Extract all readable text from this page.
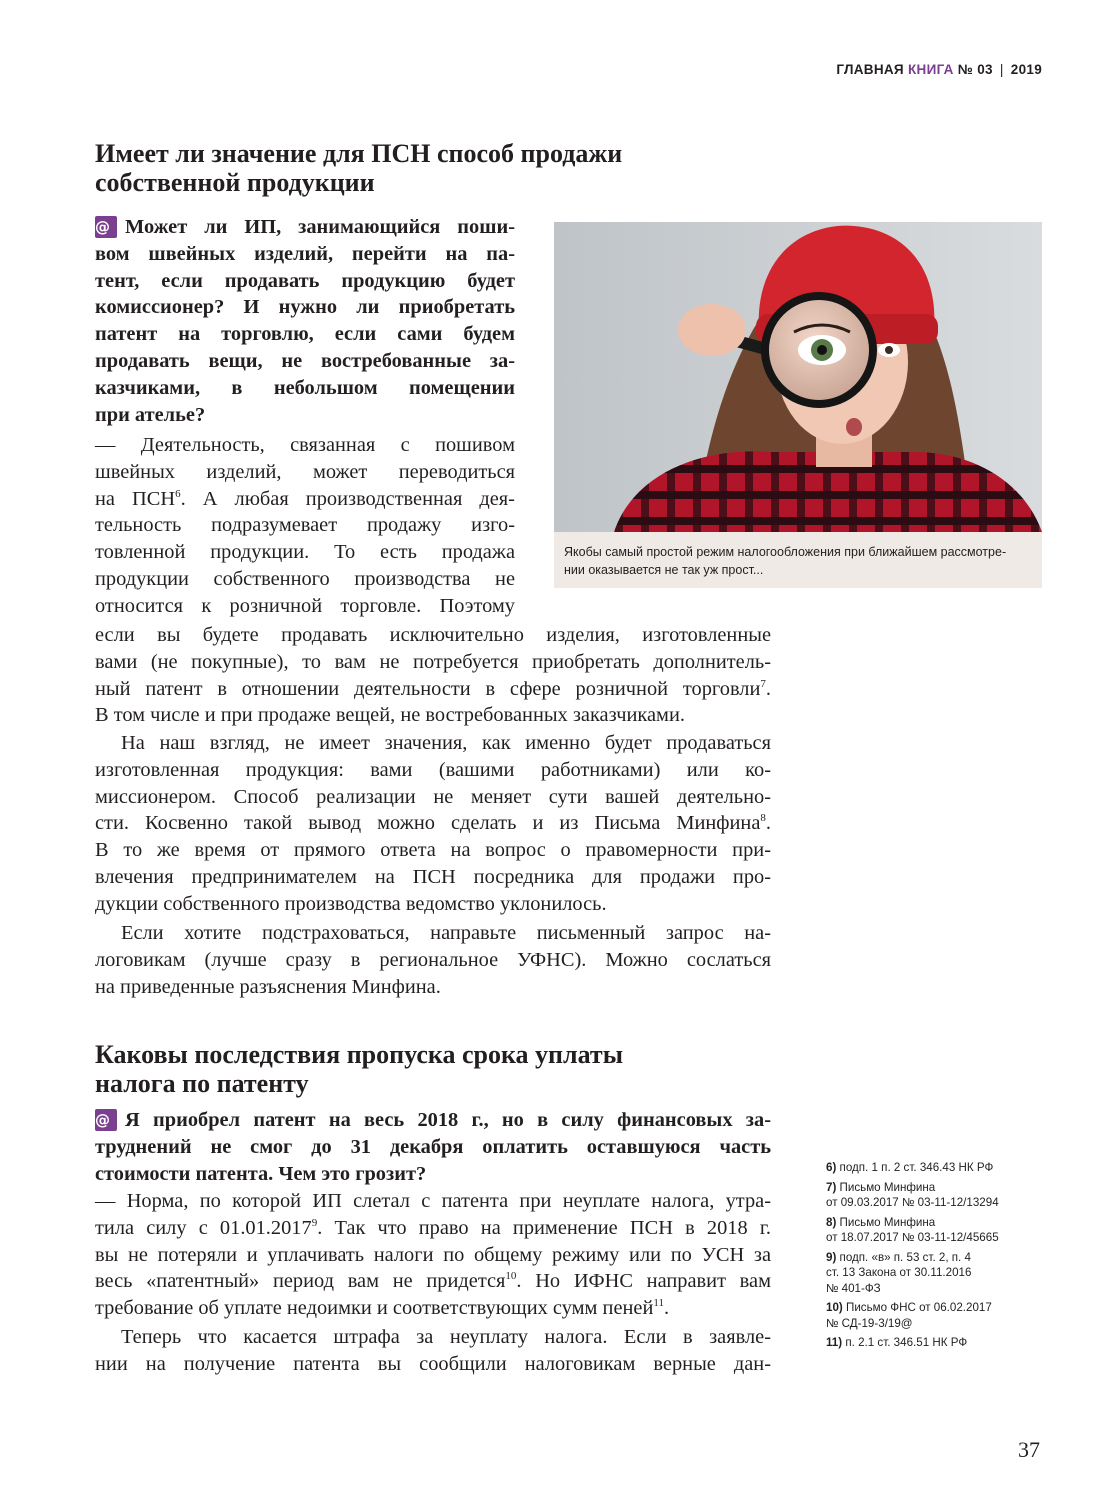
ГЛАВНАЯ КНИГА № 03 | 2019
Имеет ли значение для ПСН способ продажи
собственной продукции
@ Может ли ИП, занимающийся поши-
вом швейных изделий, перейти на па-
тент, если продавать продукцию будет
комиссионер? И нужно ли приобретать
патент на торговлю, если сами будем
продавать вещи, не востребованные за-
казчиками, в небольшом помещении
при ателье?
— Деятельность, связанная с пошивом
швейных изделий, может переводиться
на ПСН$^6$. А любая производственная дея-
тельность подразумевает продажу изго-
товленной продукции. То есть продажа
продукции собственного производства не
относится к розничной торговле. Поэтому
если вы будете продавать исключительно изделия, изготовленные
вами (не покупные), то вам не потребуется приобретать дополнитель-
ный патент в отношении деятельности в сфере розничной торговли$^7$.
В том числе и при продаже вещей, не востребованных заказчиками.
На наш взгляд, не имеет значения, как именно будет продаваться
изготовленная продукция: вами (вашими работниками) или ко-
миссионером. Способ реализации не меняет сути вашей деятельно-
сти. Косвенно такой вывод можно сделать и из Письма Минфина$^8$.
В то же время от прямого ответа на вопрос о правомерности при-
влечения предпринимателем на ПСН посредника для продажи про-
дукции собственного производства ведомство уклонилось.
Если хотите подстраховаться, направьте письменный запрос на-
логовикам (лучше сразу в региональное УФНС). Можно сослаться
на приведенные разъяснения Минфина.
Якобы самый простой режим налогообложения при ближайшем рассмотре-
нии оказывается не так уж прост...
Каковы последствия пропуска срока уплаты
налога по патенту
@ Я приобрел патент на весь 2018 г., но в силу финансовых за-
труднений не смог до 31 декабря оплатить оставшуюся часть
стоимости патента. Чем это грозит?
— Норма, по которой ИП слетал с патента при неуплате налога, утра-
тила силу с 01.01.2017$^9$. Так что право на применение ПСН в 2018 г.
вы не потеряли и уплачивать налоги по общему режиму или по УСН за
весь «патентный» период вам не придется$^{10}$. Но ИФНС направит вам
требование об уплате недоимки и соответствующих сумм пеней$^{11}$.
Теперь что касается штрафа за неуплату налога. Если в заявле-
нии на получение патента вы сообщили налоговикам верные дан-
6) подп. 1 п. 2 ст. 346.43 НК РФ
7) Письмо Минфина
от 09.03.2017 № 03-11-12/13294
8) Письмо Минфина
от 18.07.2017 № 03-11-12/45665
9) подп. «в» п. 53 ст. 2, п. 4
ст. 13 Закона от 30.11.2016
№ 401-ФЗ
10) Письмо ФНС от 06.02.2017
№ СД-19-3/19@
11) п. 2.1 ст. 346.51 НК РФ
37
